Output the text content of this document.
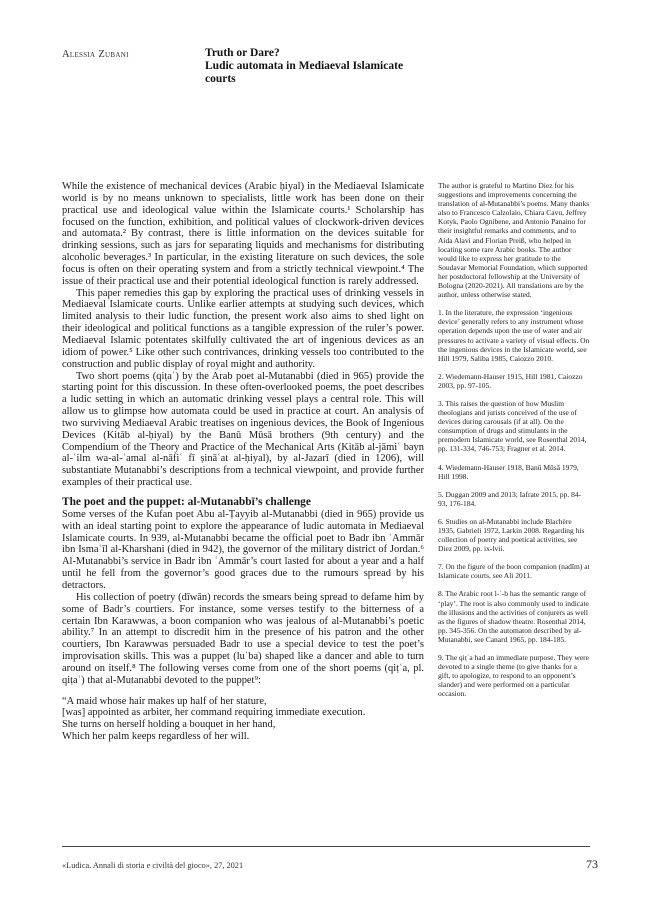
Alessia Zubani	Truth or Dare?
Ludic automata in Mediaeval Islamicate
courts

While the existence of mechanical devices (Arabic ḥiyal) in the Mediaeval Islamicate world is by no means unknown to specialists, little work has been done on their practical use and ideological value within the Islamicate courts.¹ Scholarship has focused on the function, exhibition, and political values of clockwork-driven devices and automata.² By contrast, there is little information on the devices suitable for drinking sessions, such as jars for separating liquids and mechanisms for distributing alcoholic beverages.³ In particular, in the existing literature on such devices, the sole focus is often on their operating system and from a strictly technical viewpoint.⁴ The issue of their practical use and their potential ideological function is rarely addressed.

This paper remedies this gap by exploring the practical uses of drinking vessels in Mediaeval Islamicate courts. Unlike earlier attempts at studying such devices, which limited analysis to their ludic function, the present work also aims to shed light on their ideological and political functions as a tangible expression of the ruler’s power. Mediaeval Islamic potentates skilfully cultivated the art of ingenious devices as an idiom of power.⁵ Like other such contrivances, drinking vessels too contributed to the construction and public display of royal might and authority.

Two short poems (qiṭaʿ) by the Arab poet al-Mutanabbi (died in 965) provide the starting point for this discussion. In these often-overlooked poems, the poet describes a ludic setting in which an automatic drinking vessel plays a central role. This will allow us to glimpse how automata could be used in practice at court. An analysis of two surviving Mediaeval Arabic treatises on ingenious devices, the Book of Ingenious Devices (Kitāb al-ḥiyal) by the Banū Mūsā brothers (9th century) and the Compendium of the Theory and Practice of the Mechanical Arts (Kitāb al-jāmiʿ bayn al-ʿilm wa-al-ʿamal al-nāfiʿ fī ṣināʿat al-ḥiyal), by al-Jazarī (died in 1206), will substantiate Mutanabbi’s descriptions from a technical viewpoint, and provide further examples of their practical use.

The poet and the puppet: al-Mutanabbī’s challenge

Some verses of the Kufan poet Abu al-Ṭayyib al-Mutanabbi (died in 965) provide us with an ideal starting point to explore the appearance of ludic automata in Mediaeval Islamicate courts. In 939, al-Mutanabbi became the official poet to Badr ibn ʿAmmār ibn Ismaʿīl al-Kharshani (died in 942), the governor of the military district of Jordan.⁶ Al-Mutanabbi’s service in Badr ibn ʿAmmār’s court lasted for about a year and a half until he fell from the governor’s good graces due to the rumours spread by his detractors.

His collection of poetry (dīwān) records the smears being spread to defame him by some of Badr’s courtiers. For instance, some verses testify to the bitterness of a certain Ibn Karawwas, a boon companion who was jealous of al-Mutanabbi’s poetic ability.⁷ In an attempt to discredit him in the presence of his patron and the other courtiers, Ibn Karawwas persuaded Badr to use a special device to test the poet’s improvisation skills. This was a puppet (luʿba) shaped like a dancer and able to turn around on itself.⁸ The following verses come from one of the short poems (qiṭʿa, pl. qiṭaʿ) that al-Mutanabbi devoted to the puppet⁹:

“A maid whose hair makes up half of her stature,
[was] appointed as arbiter, her command requiring immediate execution.
She turns on herself holding a bouquet in her hand,
Which her palm keeps regardless of her will.

The author is grateful to Martino Diez for his suggestions and improvements concerning the translation of al-Mutanabbi’s poems. Many thanks also to Francesco Calzolaio, Chiara Cavu, Jeffrey Kotyk, Paolo Ognibene, and Antonio Panaino for their insightful remarks and comments, and to Aida Alavi and Florian Preiß, who helped in locating some rare Arabic books. The author would like to express her gratitude to the Soudavar Memorial Foundation, which supported her postdoctoral fellowship at the University of Bologna (2020-2021). All translations are by the author, unless otherwise stated.

1. In the literature, the expression ‘ingenious device’ generally refers to any instrument whose operation depends upon the use of water and air pressures to activate a variety of visual effects. On the ingenious devices in the Islamicate world, see Hill 1979, Saliba 1985, Caiozzo 2010.

2. Wiedemann-Hauser 1915, Hill 1981, Caiozzo 2003, pp. 97-105.

3. This raises the question of how Muslim theologians and jurists conceived of the use of devices during carousals (if at all). On the consumption of drugs and stimulants in the premodern Islamicate world, see Rosenthal 2014, pp. 131-334, 746-753; Fragner et al. 2014.

4. Wiedemann-Hauser 1918, Banū Mūsā 1979, Hill 1998.

5. Duggan 2009 and 2013; Iafrate 2015, pp. 84-93, 176-184.

6. Studies on al-Mutanabbi include Blachère 1935, Gabrieli 1972, Larkin 2008. Regarding his collection of poetry and poetical activities, see Diez 2009, pp. ix-lvii.

7. On the figure of the boon companion (nadīm) at Islamicate courts, see Ali 2011.

8. The Arabic root l-ʿ-b has the semantic range of ‘play’. The root is also commonly used to indicate the illusions and the activities of conjurers as well as the figures of shadow theatre. Rosenthal 2014, pp. 345-356. On the automaton described by al-Mutanabbi, see Canard 1965, pp. 184-185.

9. The qiṭʿa had an immediate purpose. They were devoted to a single theme (to give thanks for a gift, to apologize, to respond to an opponent’s slander) and were performed on a particular occasion.

«Ludica. Annali di storia e civiltà del gioco», 27, 2021	73
